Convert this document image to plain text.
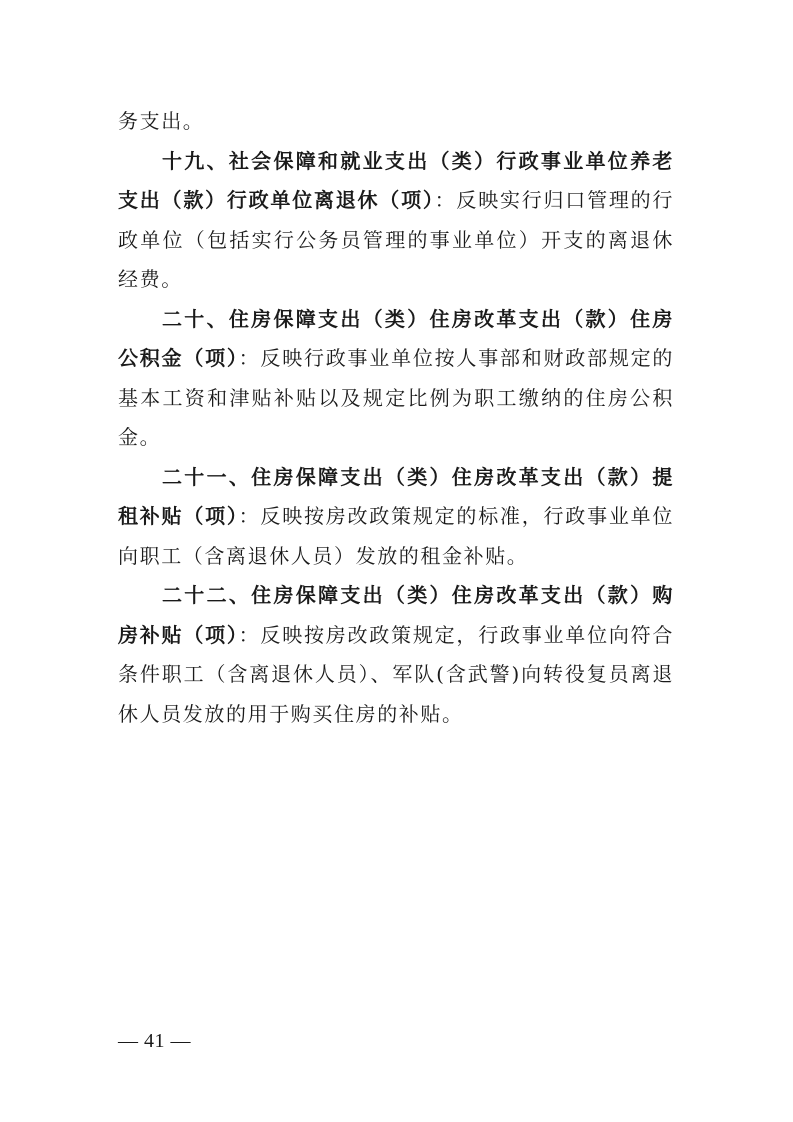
务支出。

十九、社会保障和就业支出（类）行政事业单位养老支出（款）行政单位离退休（项）：反映实行归口管理的行政单位（包括实行公务员管理的事业单位）开支的离退休经费。

二十、住房保障支出（类）住房改革支出（款）住房公积金（项）：反映行政事业单位按人事部和财政部规定的基本工资和津贴补贴以及规定比例为职工缴纳的住房公积金。

二十一、住房保障支出（类）住房改革支出（款）提租补贴（项）：反映按房改政策规定的标准，行政事业单位向职工（含离退休人员）发放的租金补贴。

二十二、住房保障支出（类）住房改革支出（款）购房补贴（项）：反映按房改政策规定，行政事业单位向符合条件职工（含离退休人员）、军队(含武警)向转役复员离退休人员发放的用于购买住房的补贴。

— 41 —
